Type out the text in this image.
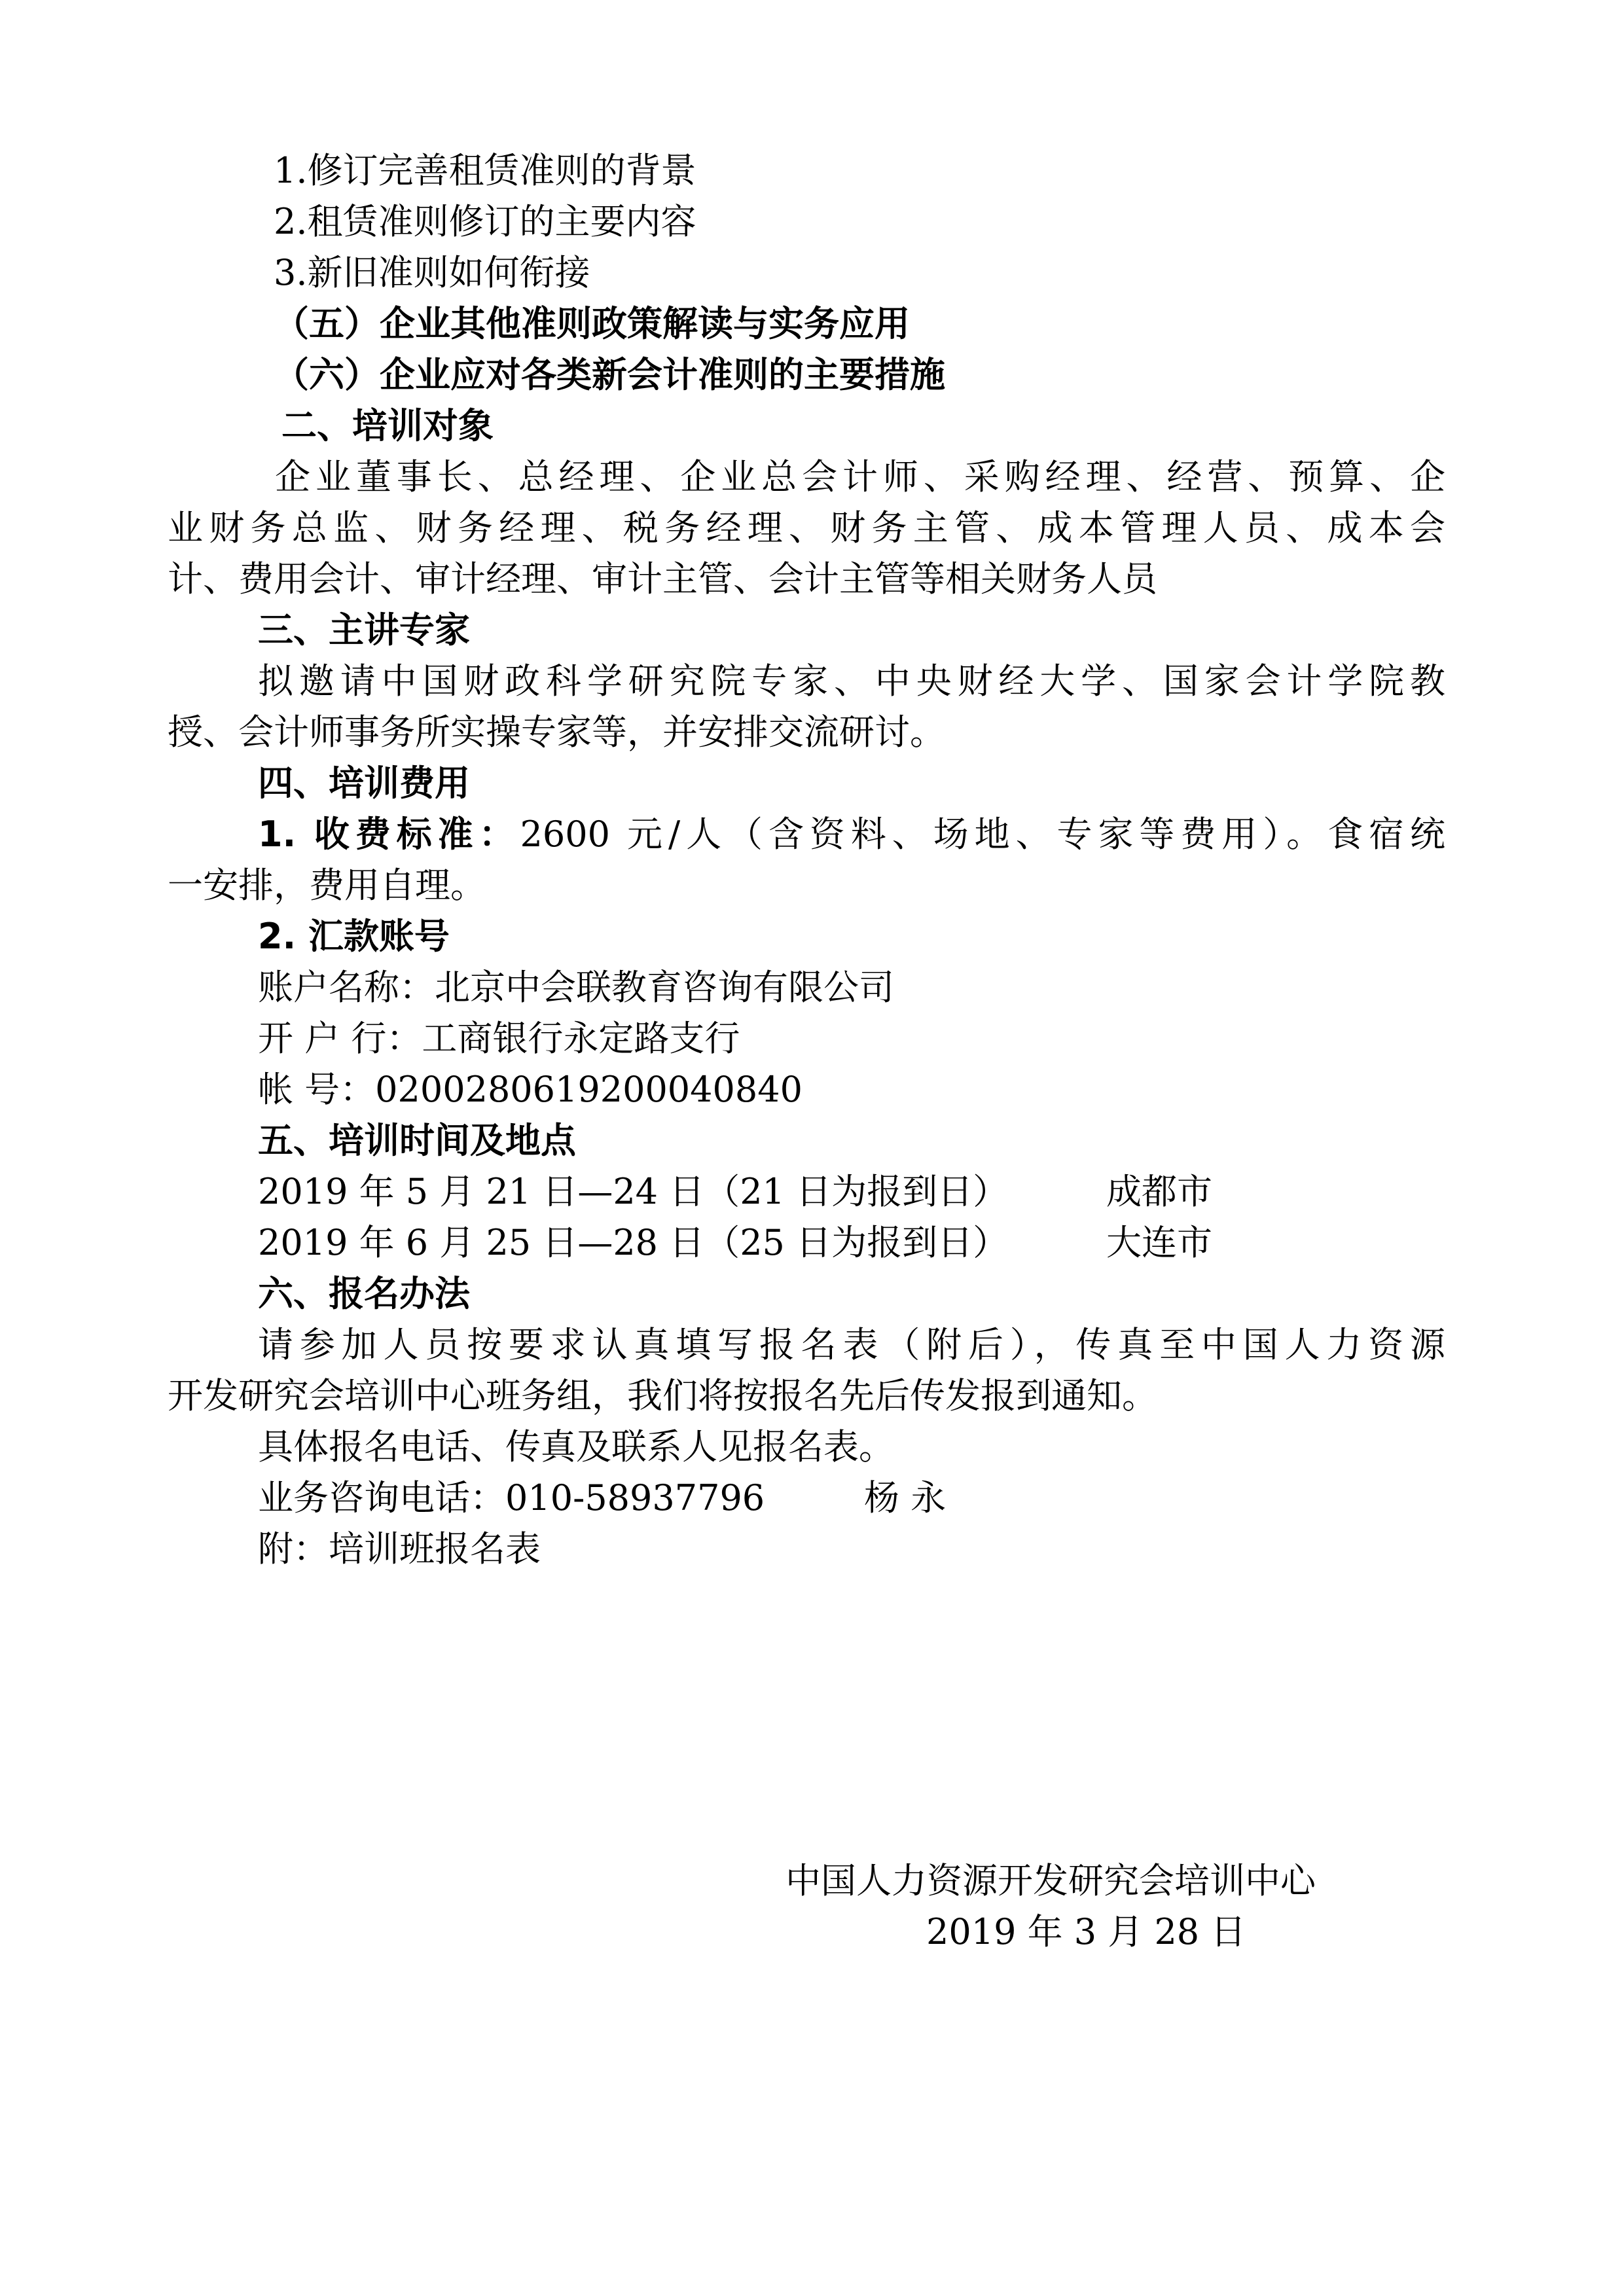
1.修订完善租赁准则的背景
2.租赁准则修订的主要内容
3.新旧准则如何衔接
（五）企业其他准则政策解读与实务应用
（六）企业应对各类新会计准则的主要措施
二、培训对象
企业董事长、总经理、企业总会计师、采购经理、经营、预算、企
业财务总监、财务经理、税务经理、财务主管、成本管理人员、成本会
计、费用会计、审计经理、审计主管、会计主管等相关财务人员
三、主讲专家
拟邀请中国财政科学研究院专家、中央财经大学、国家会计学院教
授、会计师事务所实操专家等，并安排交流研讨。
四、培训费用
1. 收费标准：2600 元/人（含资料、场地、专家等费用）。食宿统
一安排，费用自理。
2. 汇款账号
账户名称：北京中会联教育咨询有限公司
开 户 行：工商银行永定路支行
帐 号：0200280619200040840
五、培训时间及地点
2019 年 5 月 21 日—24 日（21 日为报到日）	成都市
2019 年 6 月 25 日—28 日（25 日为报到日）	大连市
六、报名办法
请参加人员按要求认真填写报名表（附后），传真至中国人力资源
开发研究会培训中心班务组，我们将按报名先后传发报到通知。
具体报名电话、传真及联系人见报名表。
业务咨询电话：010-58937796	杨 永
附：培训班报名表
中国人力资源开发研究会培训中心
2019 年 3 月 28 日
